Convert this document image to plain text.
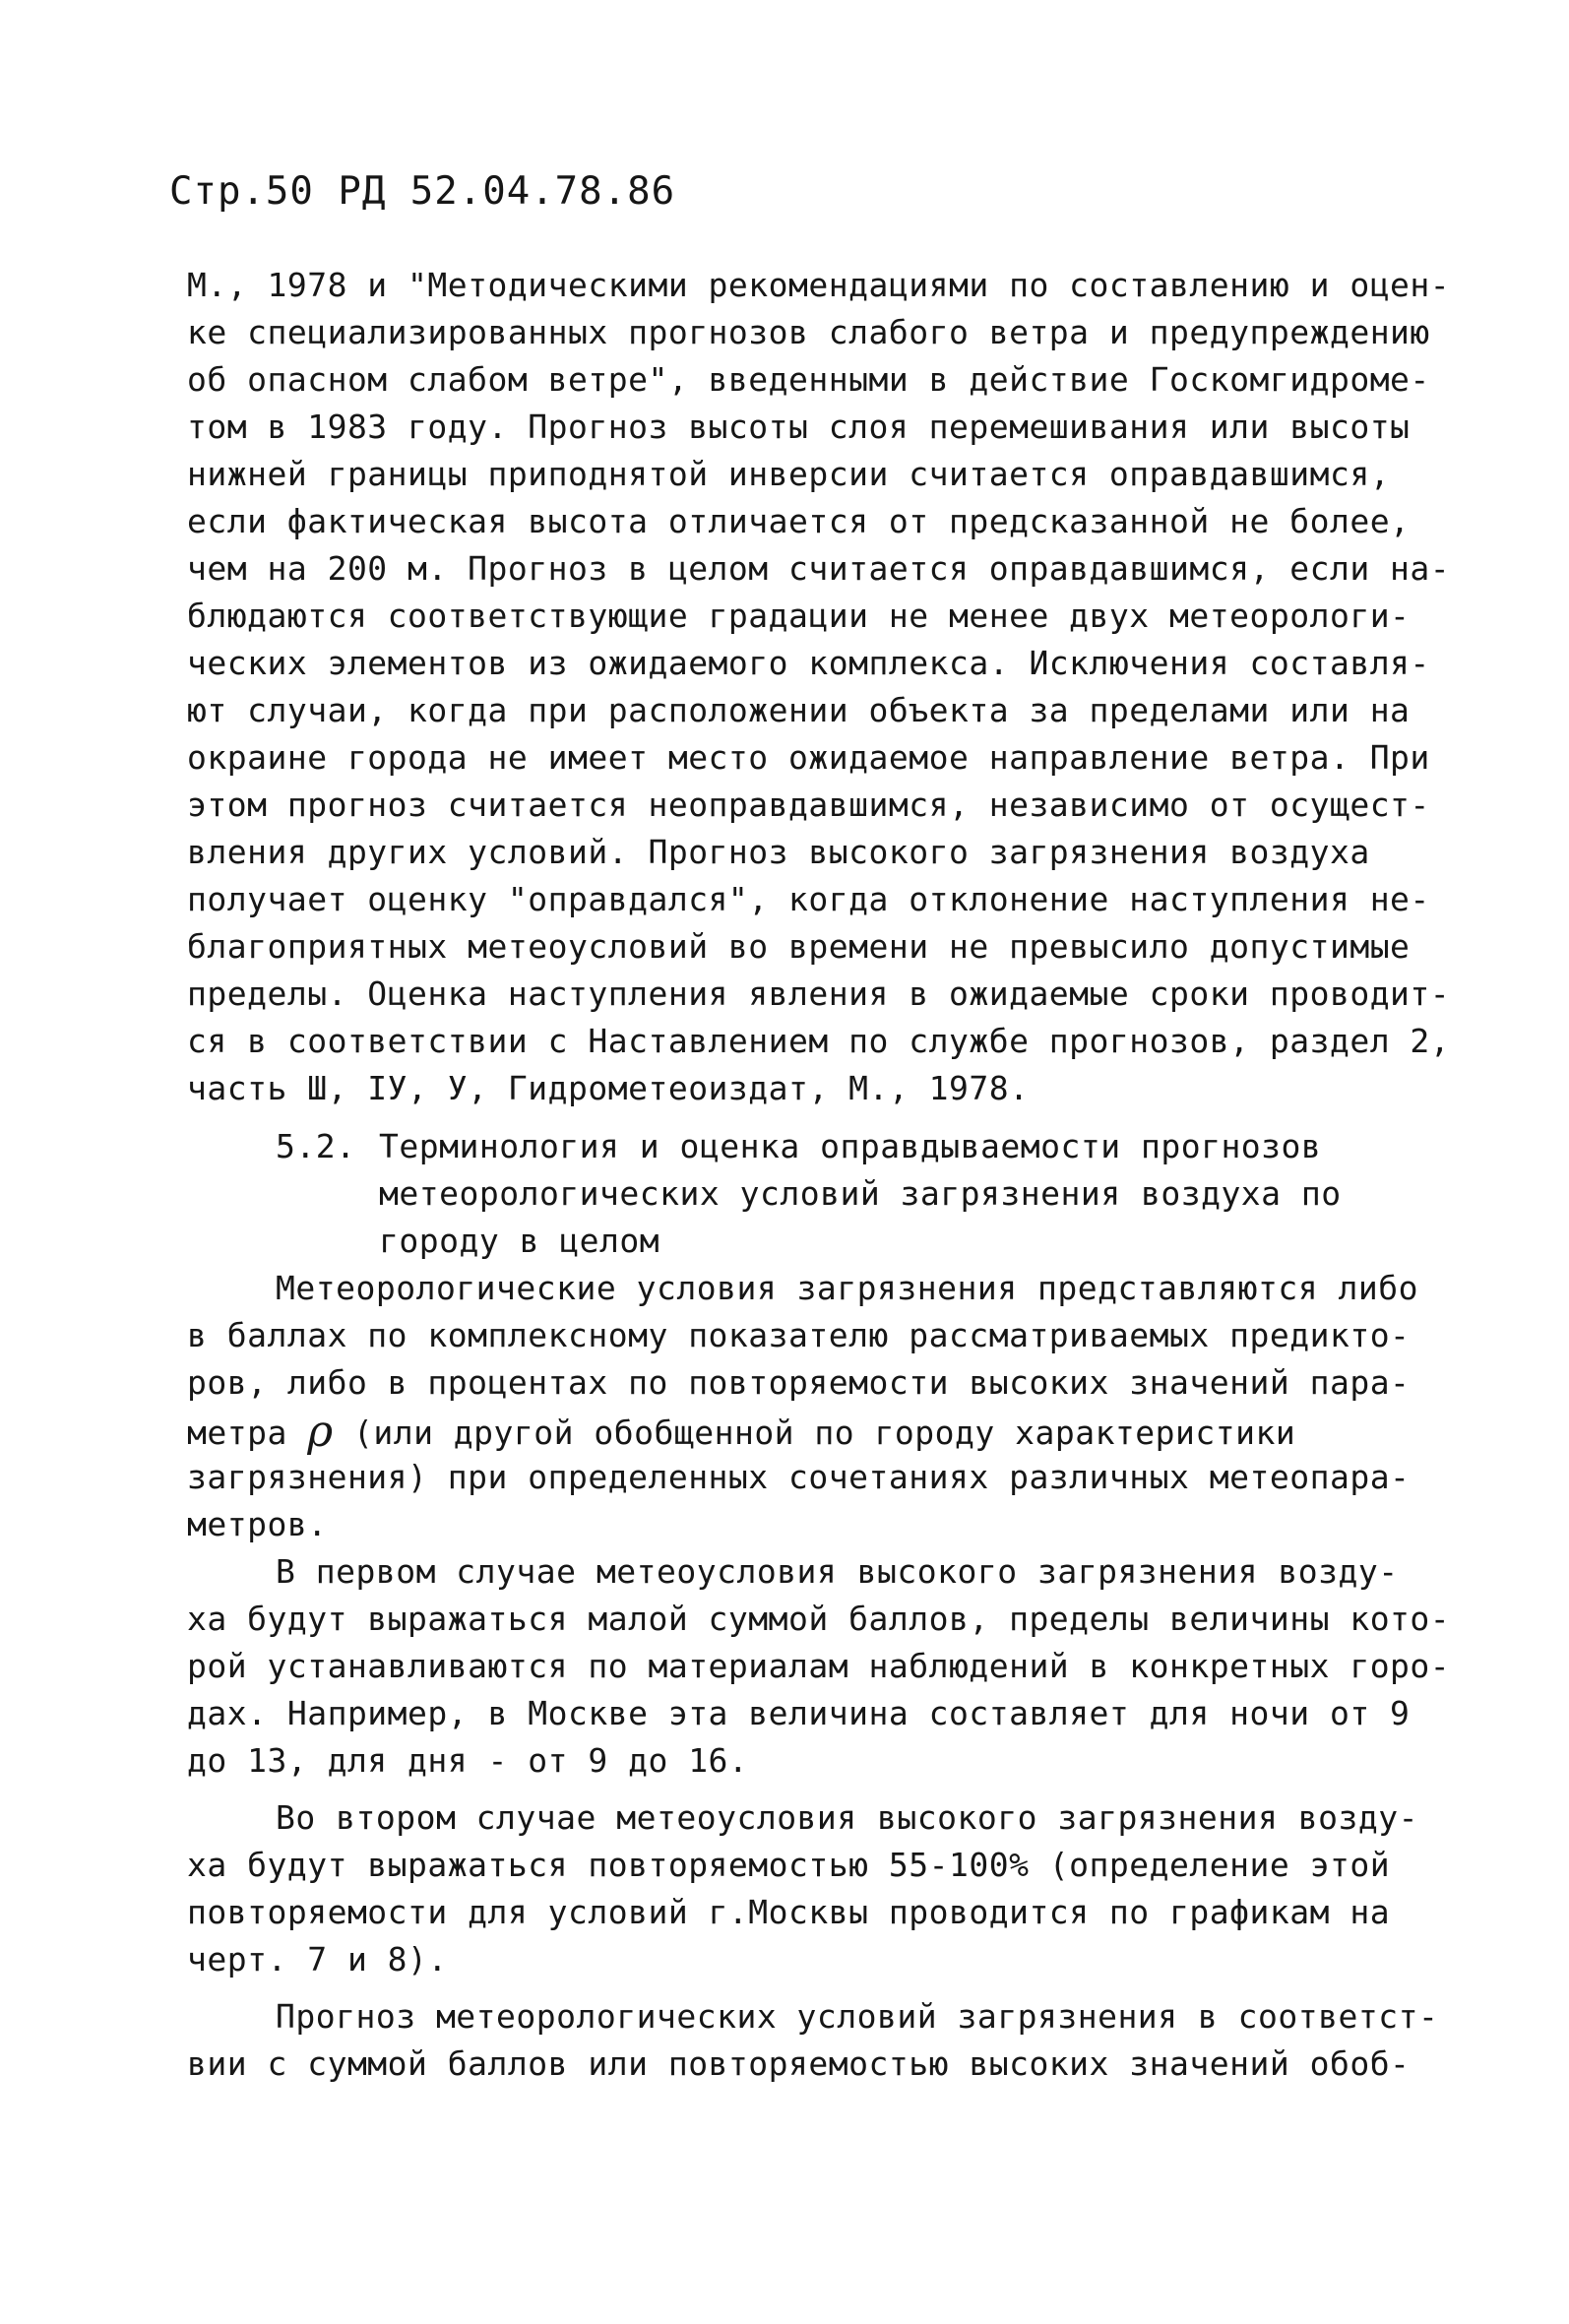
Стр.50 РД 52.04.78.86
М., 1978 и "Методическими рекомендациями по составлению и оцен-
ке специализированных прогнозов слабого ветра и предупреждению
об опасном слабом ветре", введенными в действие Госкомгидроме-
том в 1983 году. Прогноз высоты слоя перемешивания или высоты
нижней границы приподнятой инверсии считается оправдавшимся,
если фактическая высота отличается от предсказанной не более,
чем на 200 м. Прогноз в целом считается оправдавшимся, если на-
блюдаются соответствующие градации не менее двух метеорологи-
ческих элементов из ожидаемого комплекса. Исключения составля-
ют случаи, когда при расположении объекта за пределами или на
окраине города не имеет место ожидаемое направление ветра. При
этом прогноз считается неоправдавшимся, независимо от осущест-
вления других условий. Прогноз высокого загрязнения воздуха
получает оценку "оправдался", когда отклонение наступления не-
благоприятных метеоусловий во времени не превысило допустимые
пределы. Оценка наступления явления в ожидаемые сроки проводит-
ся в соответствии с Наставлением по службе прогнозов, раздел 2,
часть Ш, IУ, У, Гидрометеоиздат, М., 1978.
5.2. Терминология и оценка оправдываемости прогнозов
метеорологических условий загрязнения воздуха по
городу в целом
Метеорологические условия загрязнения представляются либо
в баллах по комплексному показателю рассматриваемых предикто-
ров, либо в процентах по повторяемости высоких значений пара-
метра ρ (или другой обобщенной по городу характеристики
загрязнения) при определенных сочетаниях различных метеопара-
метров.
В первом случае метеоусловия высокого загрязнения возду-
ха будут выражаться малой суммой баллов, пределы величины кото-
рой устанавливаются по материалам наблюдений в конкретных горо-
дах. Например, в Москве эта величина составляет для ночи от 9
до 13, для дня - от 9 до 16.
Во втором случае метеоусловия высокого загрязнения возду-
ха будут выражаться повторяемостью 55-100% (определение этой
повторяемости для условий г.Москвы проводится по графикам на
черт. 7 и 8).
Прогноз метеорологических условий загрязнения в соответст-
вии с суммой баллов или повторяемостью высоких значений обоб-
